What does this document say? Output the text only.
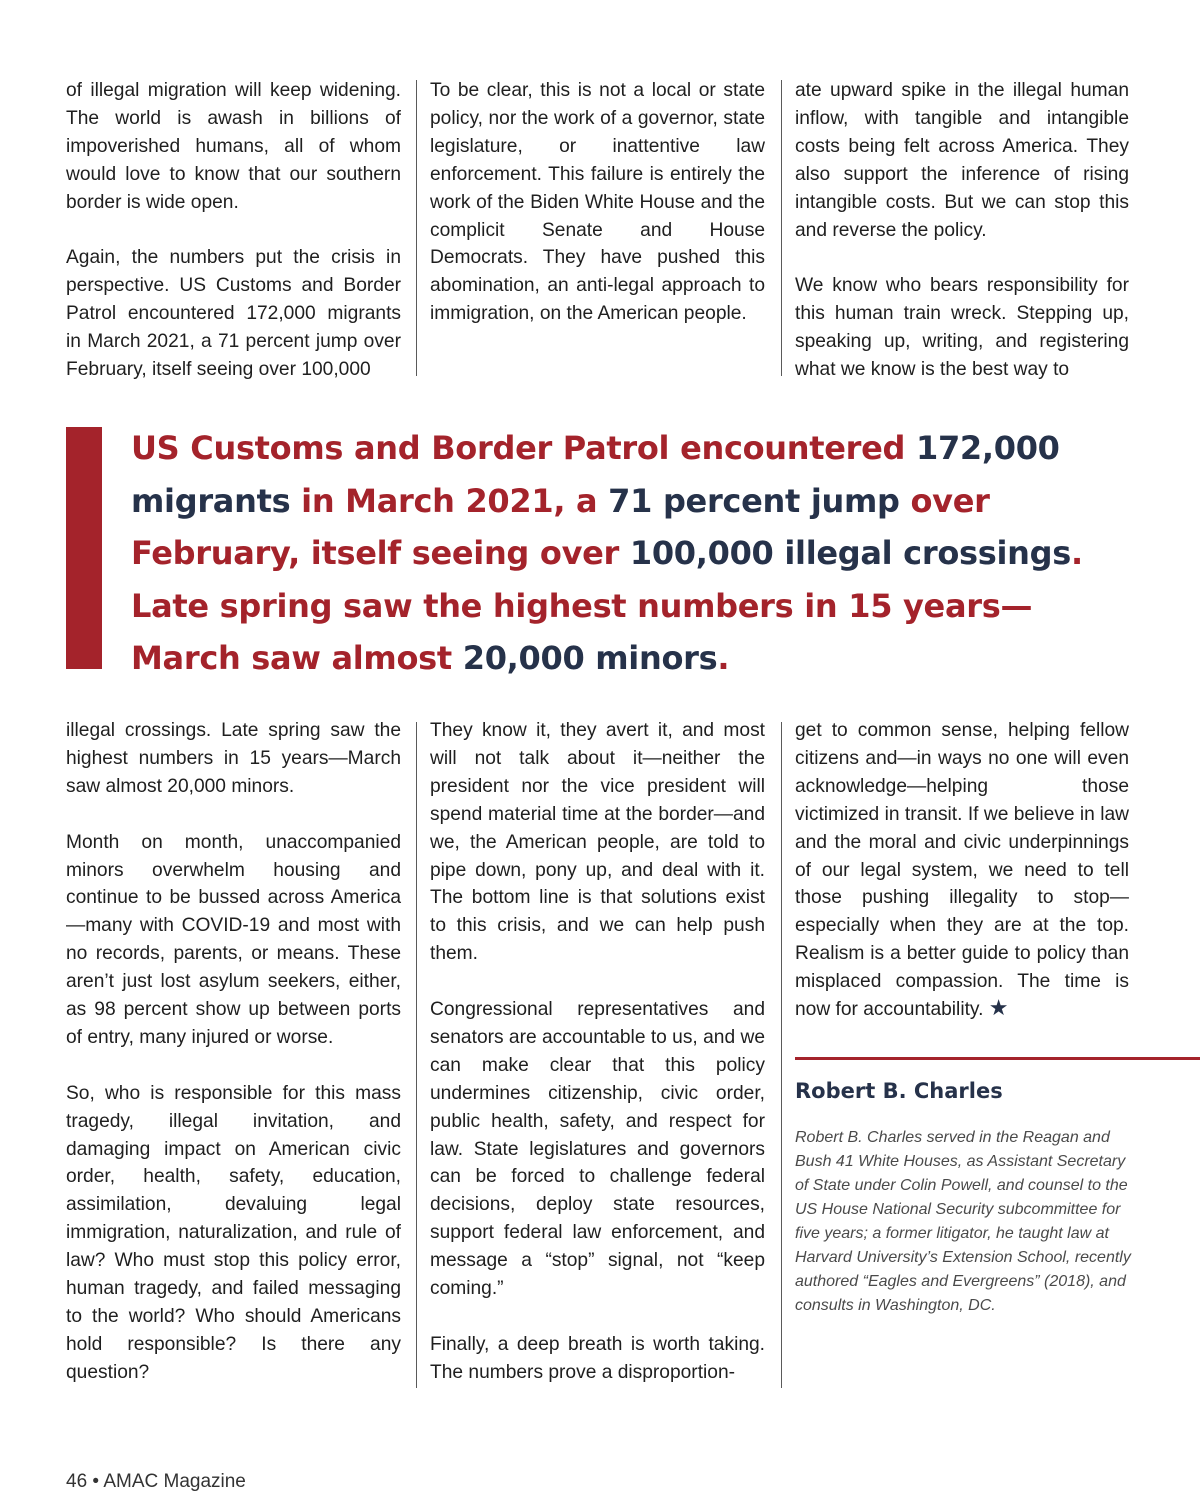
of illegal migration will keep widening. The world is awash in billions of impoverished humans, all of whom would love to know that our southern border is wide open.

Again, the numbers put the crisis in perspective. US Customs and Border Patrol encountered 172,000 migrants in March 2021, a 71 percent jump over February, itself seeing over 100,000

To be clear, this is not a local or state policy, nor the work of a governor, state legislature, or inattentive law enforcement. This failure is entirely the work of the Biden White House and the complicit Senate and House Democrats. They have pushed this abomination, an anti-legal approach to immigration, on the American people.

ate upward spike in the illegal human inflow, with tangible and intangible costs being felt across America. They also support the inference of rising intangible costs. But we can stop this and reverse the policy.

We know who bears responsibility for this human train wreck. Stepping up, speaking up, writing, and registering what we know is the best way to

US Customs and Border Patrol encountered 172,000 migrants in March 2021, a 71 percent jump over February, itself seeing over 100,000 illegal crossings. Late spring saw the highest numbers in 15 years—March saw almost 20,000 minors.

illegal crossings. Late spring saw the highest numbers in 15 years—March saw almost 20,000 minors.

Month on month, unaccompanied minors overwhelm housing and continue to be bussed across America—many with COVID-19 and most with no records, parents, or means. These aren’t just lost asylum seekers, either, as 98 percent show up between ports of entry, many injured or worse.

So, who is responsible for this mass tragedy, illegal invitation, and damaging impact on American civic order, health, safety, education, assimilation, devaluing legal immigration, naturalization, and rule of law? Who must stop this policy error, human tragedy, and failed messaging to the world? Who should Americans hold responsible? Is there any question?

They know it, they avert it, and most will not talk about it—neither the president nor the vice president will spend material time at the border—and we, the American people, are told to pipe down, pony up, and deal with it. The bottom line is that solutions exist to this crisis, and we can help push them.

Congressional representatives and senators are accountable to us, and we can make clear that this policy undermines citizenship, civic order, public health, safety, and respect for law. State legislatures and governors can be forced to challenge federal decisions, deploy state resources, support federal law enforcement, and message a “stop” signal, not “keep coming.”

Finally, a deep breath is worth taking. The numbers prove a disproportion-

get to common sense, helping fellow citizens and—in ways no one will even acknowledge—helping those victimized in transit. If we believe in law and the moral and civic underpinnings of our legal system, we need to tell those pushing illegality to stop—especially when they are at the top. Realism is a better guide to policy than misplaced compassion. The time is now for accountability. ★

Robert B. Charles

Robert B. Charles served in the Reagan and Bush 41 White Houses, as Assistant Secretary of State under Colin Powell, and counsel to the US House National Security subcommittee for five years; a former litigator, he taught law at Harvard University’s Extension School, recently authored “Eagles and Evergreens” (2018), and consults in Washington, DC.

46 • AMAC Magazine
